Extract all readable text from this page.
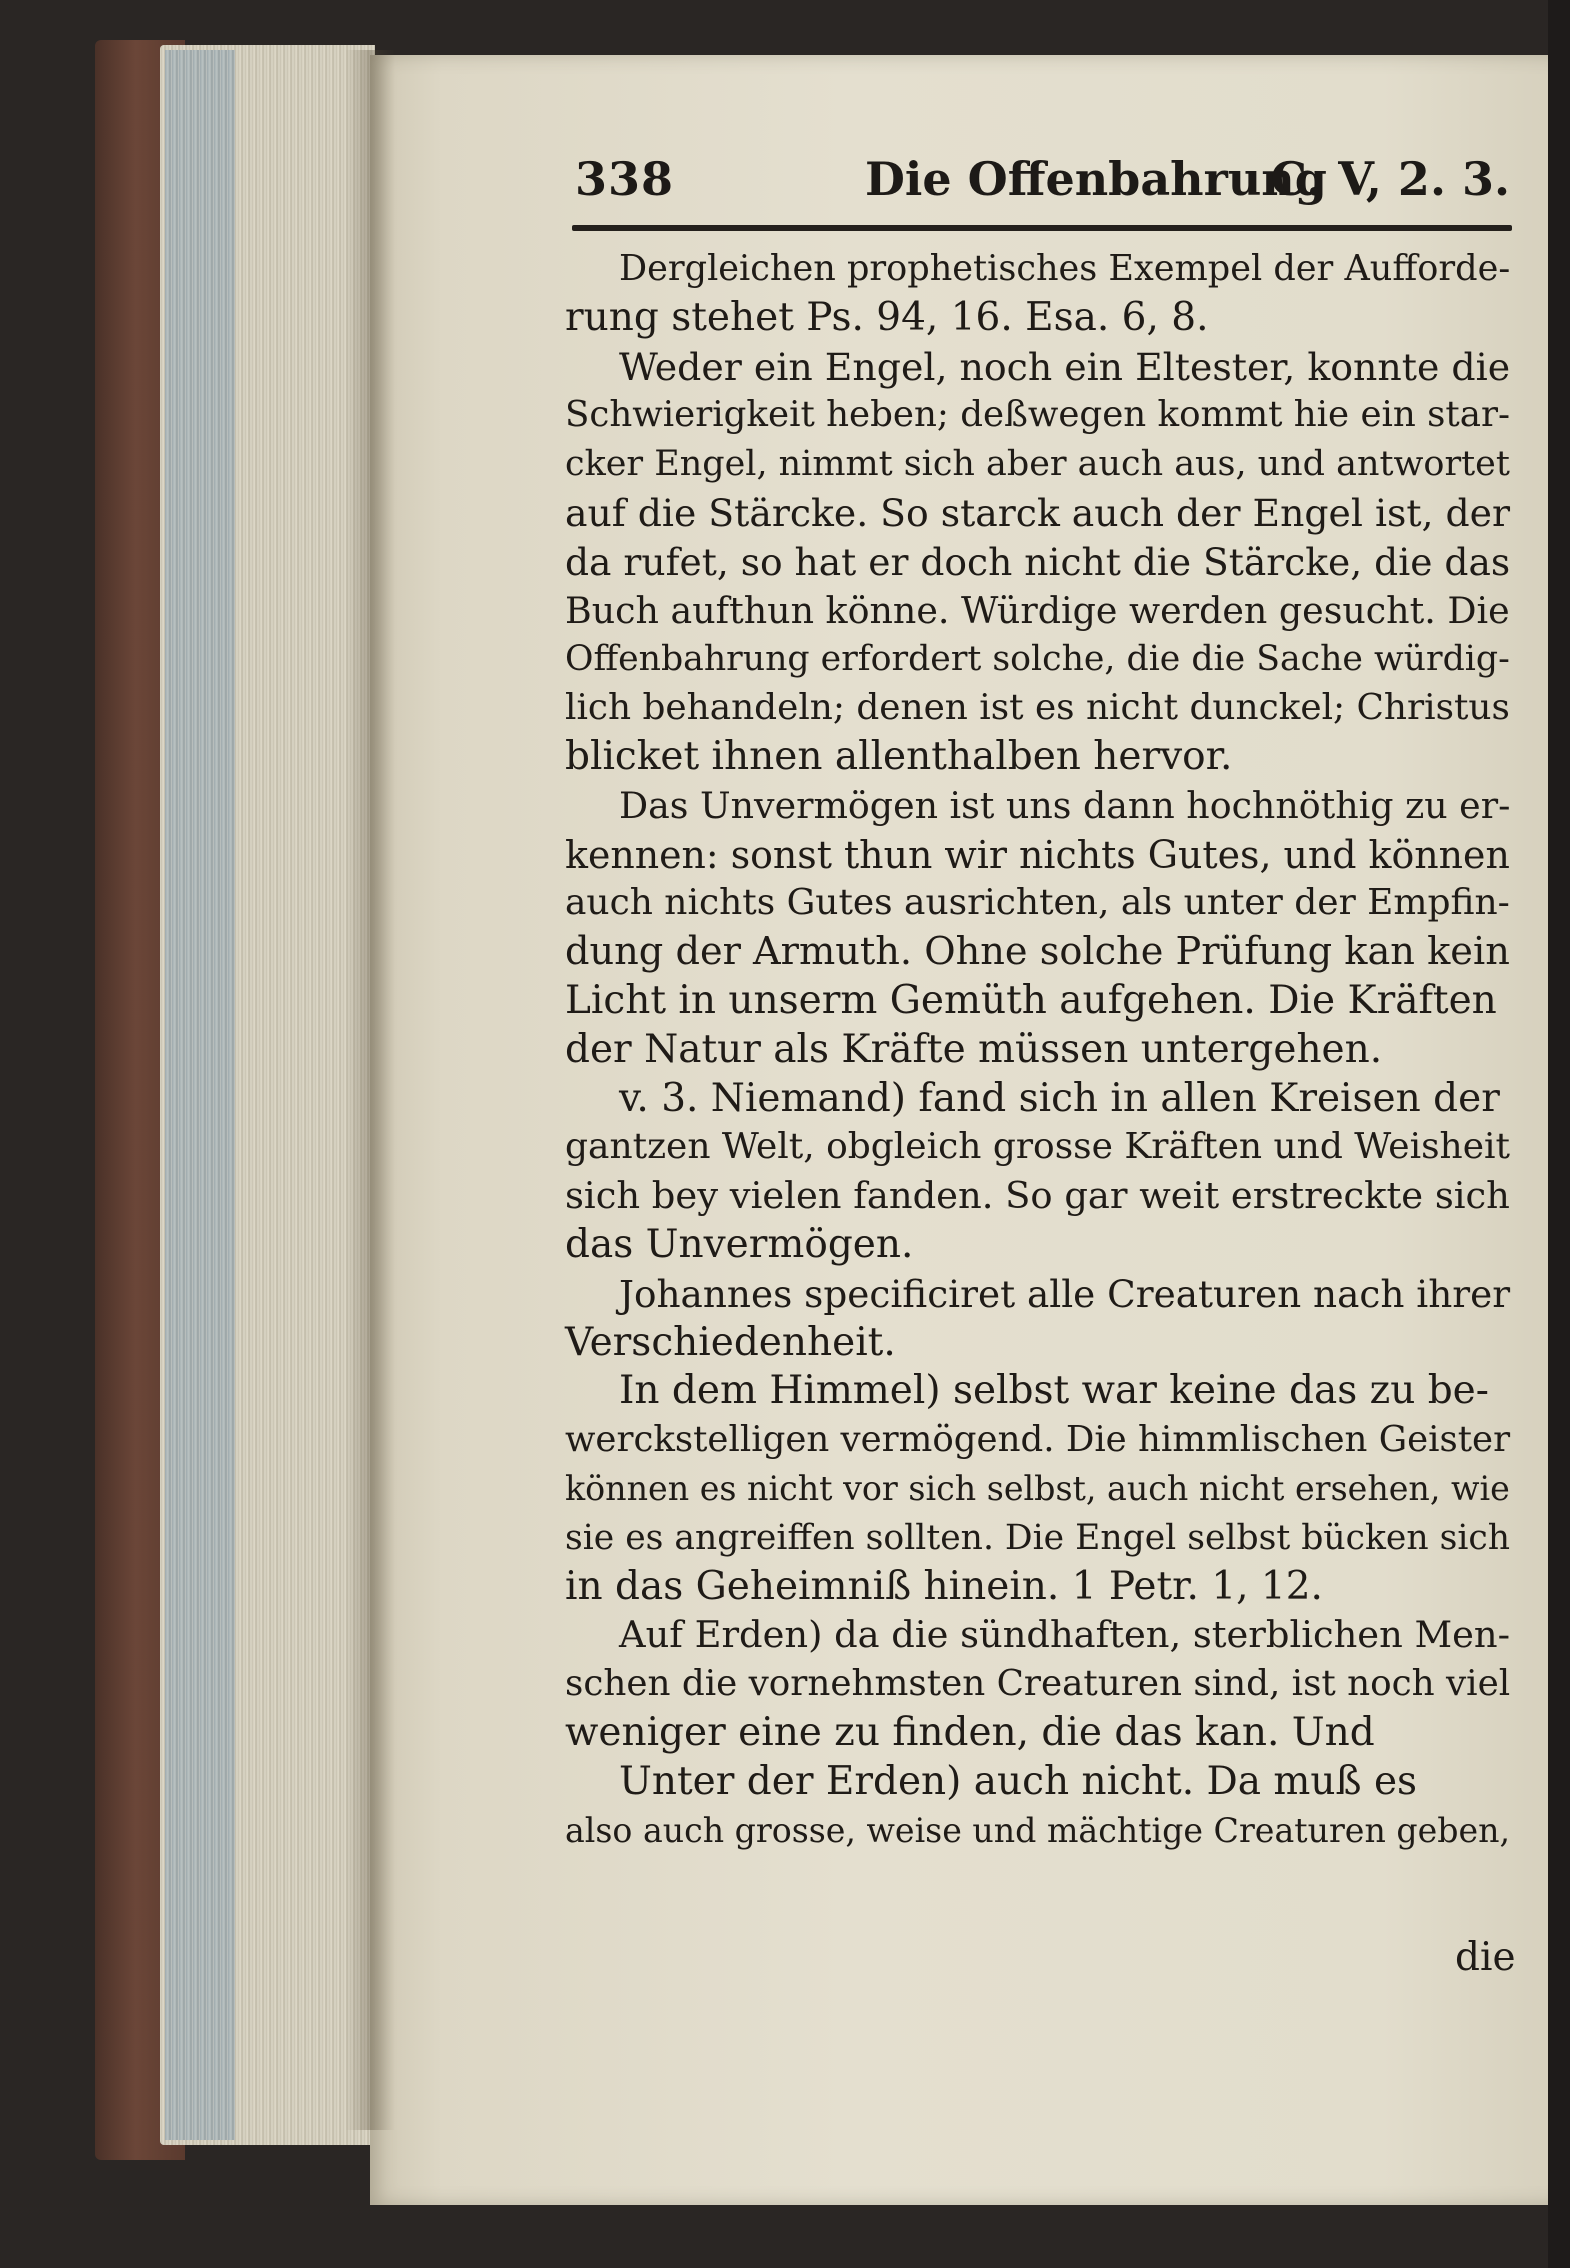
338	Die Offenbahrung
C. V, 2. 3.
Dergleichen prophetisches Exempel der Aufforde-
rung stehet Ps. 94, 16. Esa. 6, 8.
Weder ein Engel, noch ein Eltester, konnte die
Schwierigkeit heben; deßwegen kommt hie ein star-
cker Engel, nimmt sich aber auch aus, und antwortet
auf die Stärcke. So starck auch der Engel ist, der
da rufet, so hat er doch nicht die Stärcke, die das
Buch aufthun könne. Würdige werden gesucht. Die
Offenbahrung erfordert solche, die die Sache würdig-
lich behandeln; denen ist es nicht dunckel; Christus
blicket ihnen allenthalben hervor.
Das Unvermögen ist uns dann hochnöthig zu er-
kennen: sonst thun wir nichts Gutes, und können
auch nichts Gutes ausrichten, als unter der Empfin-
dung der Armuth. Ohne solche Prüfung kan kein
Licht in unserm Gemüth aufgehen. Die Kräften
der Natur als Kräfte müssen untergehen.
v. 3. Niemand) fand sich in allen Kreisen der
gantzen Welt, obgleich grosse Kräften und Weisheit
sich bey vielen fanden. So gar weit erstreckte sich
das Unvermögen.
Johannes specificiret alle Creaturen nach ihrer
Verschiedenheit.
In dem Himmel) selbst war keine das zu be-
werckstelligen vermögend. Die himmlischen Geister
können es nicht vor sich selbst, auch nicht ersehen, wie
sie es angreiffen sollten. Die Engel selbst bücken sich
in das Geheimniß hinein. 1 Petr. 1, 12.
Auf Erden) da die sündhaften, sterblichen Men-
schen die vornehmsten Creaturen sind, ist noch viel
weniger eine zu finden, die das kan. Und
Unter der Erden) auch nicht. Da muß es
also auch grosse, weise und mächtige Creaturen geben,
die
